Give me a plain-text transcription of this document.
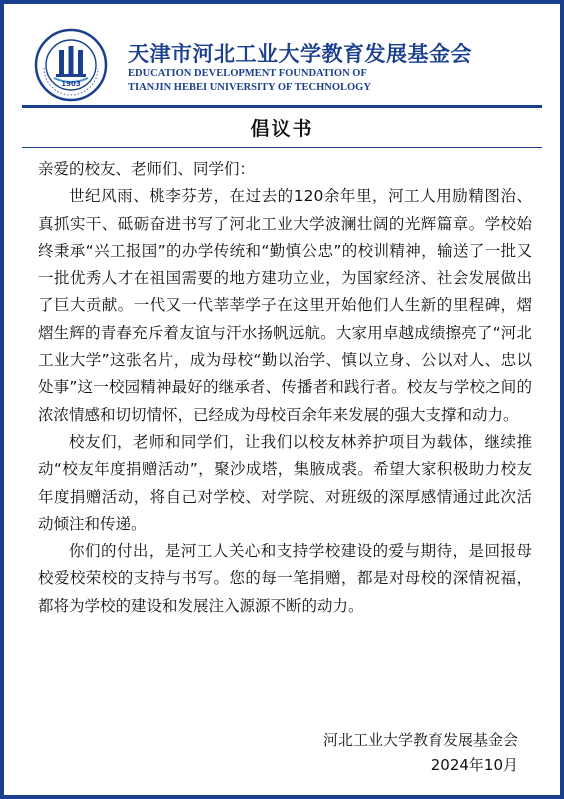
1903
天津市河北工业大学教育发展基金会
EDUCATION DEVELOPMENT FOUNDATION OF
TIANJIN HEBEI UNIVERSITY OF TECHNOLOGY
倡议书

亲爱的校友、老师们、同学们：

世纪风雨、桃李芬芳，在过去的120余年里，河工人用励精图治、真抓实干、砥砺奋进书写了河北工业大学波澜壮阔的光辉篇章。学校始终秉承“兴工报国”的办学传统和“勤慎公忠”的校训精神，输送了一批又一批优秀人才在祖国需要的地方建功立业，为国家经济、社会发展做出了巨大贡献。一代又一代莘莘学子在这里开始他们人生新的里程碑，熠熠生辉的青春充斥着友谊与汗水扬帆远航。大家用卓越成绩擦亮了“河北工业大学”这张名片，成为母校“勤以治学、慎以立身、公以对人、忠以处事”这一校园精神最好的继承者、传播者和践行者。校友与学校之间的浓浓情感和切切情怀，已经成为母校百余年来发展的强大支撑和动力。

校友们，老师和同学们，让我们以校友林养护项目为载体，继续推动“校友年度捐赠活动”，聚沙成塔，集腋成裘。希望大家积极助力校友年度捐赠活动，将自己对学校、对学院、对班级的深厚感情通过此次活动倾注和传递。

你们的付出，是河工人关心和支持学校建设的爱与期待，是回报母校爱校荣校的支持与书写。您的每一笔捐赠，都是对母校的深情祝福，都将为学校的建设和发展注入源源不断的动力。

河北工业大学教育发展基金会
2024年10月
